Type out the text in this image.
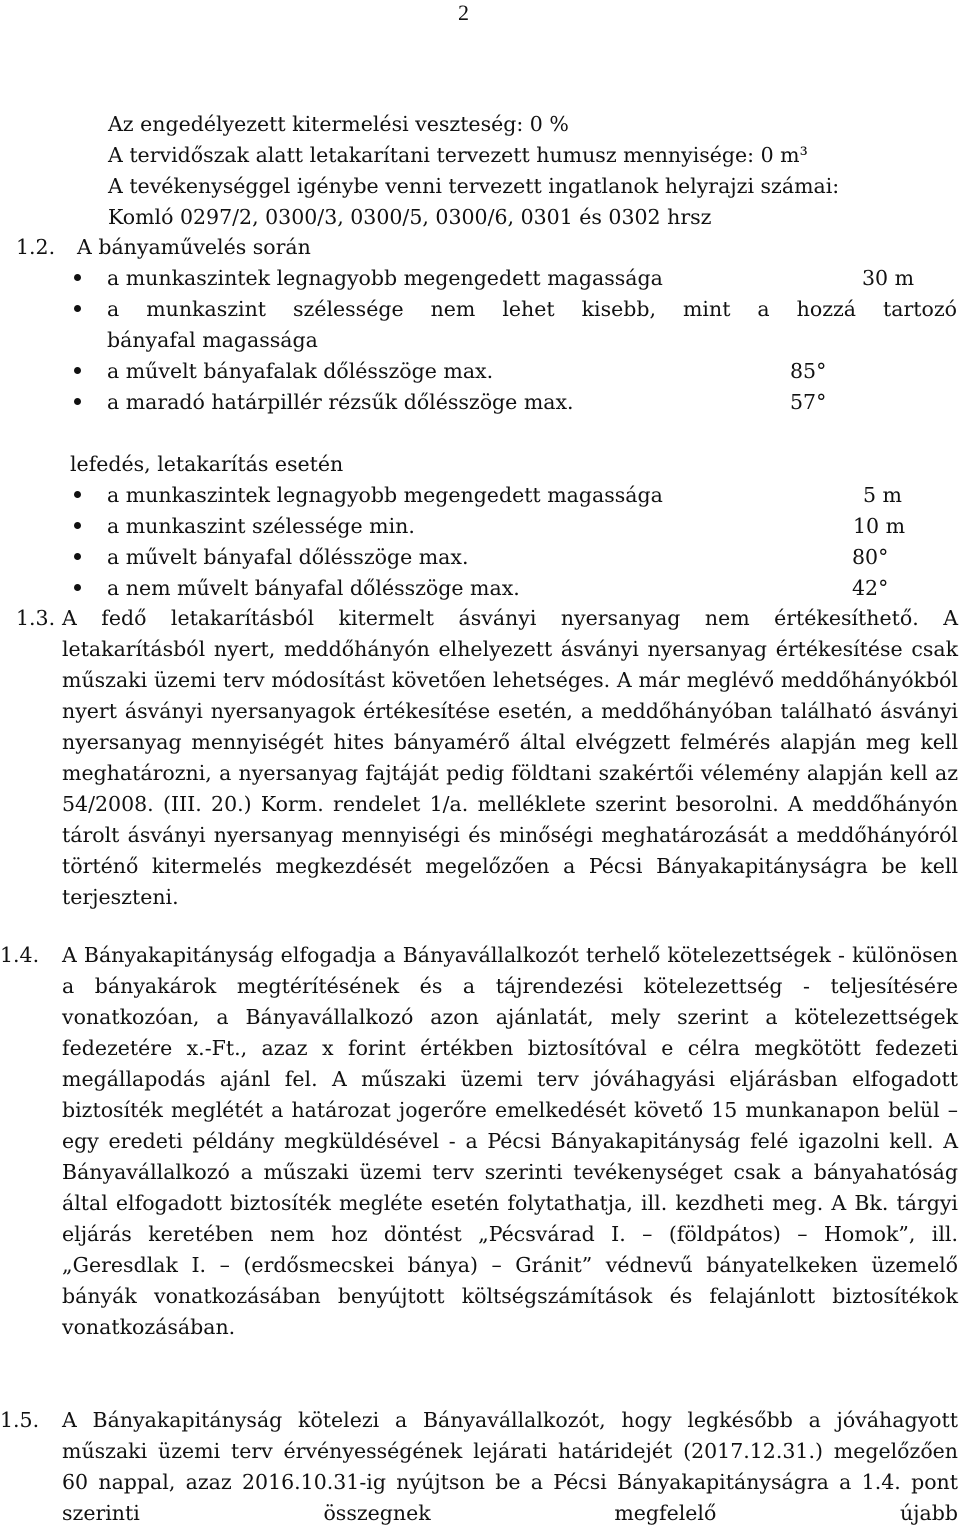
2
Az engedélyezett kitermelési veszteség: 0 %
A tervidőszak alatt letakarítani tervezett humusz mennyisége: 0 m³
A tevékenységgel igénybe venni tervezett ingatlanok helyrajzi számai:
Komló 0297/2, 0300/3, 0300/5, 0300/6, 0301 és 0302 hrsz
1.2. A bányaművelés során
a munkaszintek legnagyobb megengedett magassága	30 m
a munkaszint szélessége nem lehet kisebb, mint a hozzá tartozó
bányafal magassága
a művelt bányafalak dőlésszöge max.	85°
a maradó határpillér rézsűk dőlésszöge max.	57°
lefedés, letakarítás esetén
a munkaszintek legnagyobb megengedett magassága	5 m
a munkaszint szélessége min.	10 m
a művelt bányafal dőlésszöge max.	80°
a nem művelt bányafal dőlésszöge max.	42°
1.3. A fedő letakarításból kitermelt ásványi nyersanyag nem értékesíthető. A letakarításból nyert, meddőhányón elhelyezett ásványi nyersanyag értékesítése csak műszaki üzemi terv módosítást követően lehetséges. A már meglévő meddőhányókból nyert ásványi nyersanyagok értékesítése esetén, a meddőhányóban található ásványi nyersanyag mennyiségét hites bányamérő által elvégzett felmérés alapján meg kell meghatározni, a nyersanyag fajtáját pedig földtani szakértői vélemény alapján kell az 54/2008. (III. 20.) Korm. rendelet 1/a. melléklete szerint besorolni. A meddőhányón tárolt ásványi nyersanyag mennyiségi és minőségi meghatározását a meddőhányóról történő kitermelés megkezdését megelőzően a Pécsi Bányakapitányságra be kell terjeszteni.
1.4. A Bányakapitányság elfogadja a Bányavállalkozót terhelő kötelezettségek - különösen a bányakárok megtérítésének és a tájrendezési kötelezettség - teljesítésére vonatkozóan, a Bányavállalkozó azon ajánlatát, mely szerint a kötelezettségek fedezetére x.-Ft., azaz x forint értékben biztosítóval e célra megkötött fedezeti megállapodás ajánl fel. A műszaki üzemi terv jóváhagyási eljárásban elfogadott biztosíték meglétét a határozat jogerőre emelkedését követő 15 munkanapon belül –egy eredeti példány megküldésével - a Pécsi Bányakapitányság felé igazolni kell. A Bányavállalkozó a műszaki üzemi terv szerinti tevékenységet csak a bányahatóság által elfogadott biztosíték megléte esetén folytathatja, ill. kezdheti meg. A Bk. tárgyi eljárás keretében nem hoz döntést „Pécsvárad I. – (földpátos) – Homok”, ill. „Geresdlak I. – (erdősmecskei bánya) – Gránit” védnevű bányatelkeken üzemelő bányák vonatkozásában benyújtott költségszámítások és felajánlott biztosítékok vonatkozásában.
1.5. A Bányakapitányság kötelezi a Bányavállalkozót, hogy legkésőbb a jóváhagyott műszaki üzemi terv érvényességének lejárati határidejét (2017.12.31.) megelőzően 60 nappal, azaz 2016.10.31-ig nyújtson be a Pécsi Bányakapitányságra a 1.4. pont szerinti összegnek megfelelő újabb
